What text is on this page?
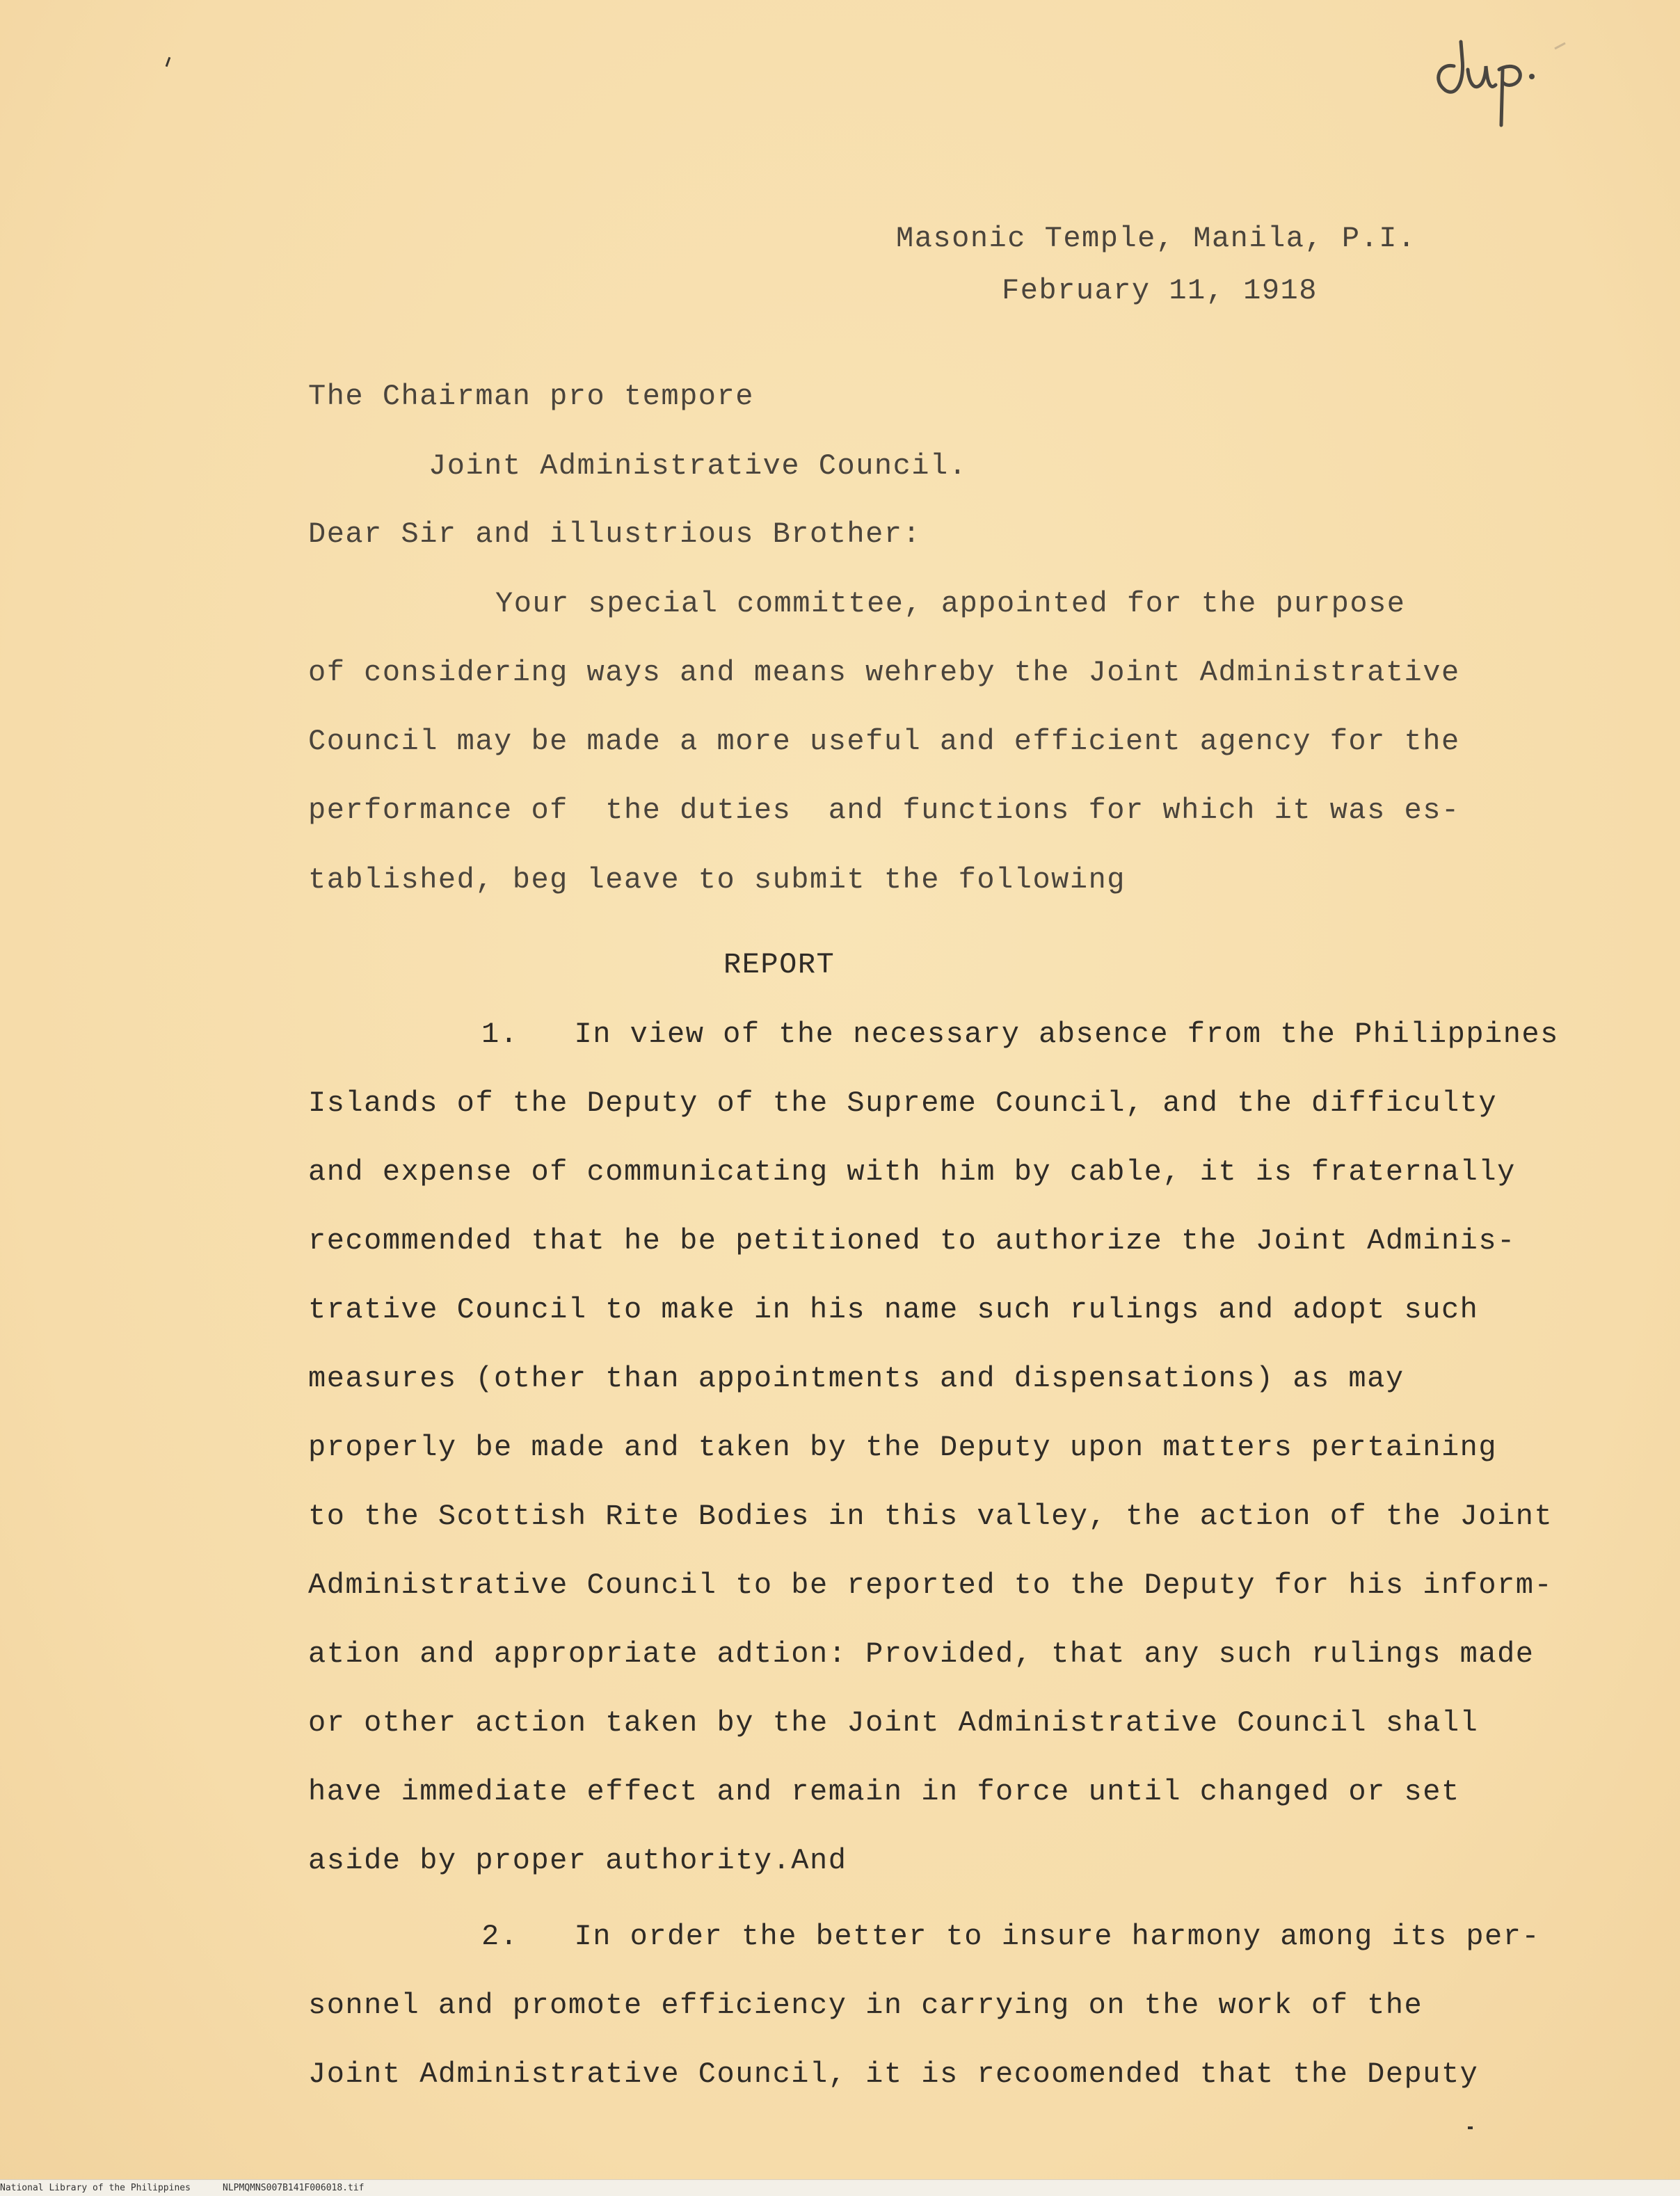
Masonic Temple, Manila, P.I.
February 11, 1918
The Chairman pro tempore
Joint Administrative Council.
Dear Sir and illustrious Brother:
Your special committee, appointed for the purpose
of considering ways and means wehreby the Joint Administrative
Council may be made a more useful and efficient agency for the
performance of  the duties  and functions for which it was es-
tablished, beg leave to submit the following
REPORT
1.   In view of the necessary absence from the Philippines
Islands of the Deputy of the Supreme Council, and the difficulty
and expense of communicating with him by cable, it is fraternally
recommended that he be petitioned to authorize the Joint Adminis-
trative Council to make in his name such rulings and adopt such
measures (other than appointments and dispensations) as may
properly be made and taken by the Deputy upon matters pertaining
to the Scottish Rite Bodies in this valley, the action of the Joint
Administrative Council to be reported to the Deputy for his inform-
ation and appropriate adtion: Provided, that any such rulings made
or other action taken by the Joint Administrative Council shall
have immediate effect and remain in force until changed or set
aside by proper authority.And
2.   In order the better to insure harmony among its per-
sonnel and promote efficiency in carrying on the work of the
Joint Administrative Council, it is recoomended that the Deputy
National Library of the Philippines	NLPMQMNS007B141F006018.tif
